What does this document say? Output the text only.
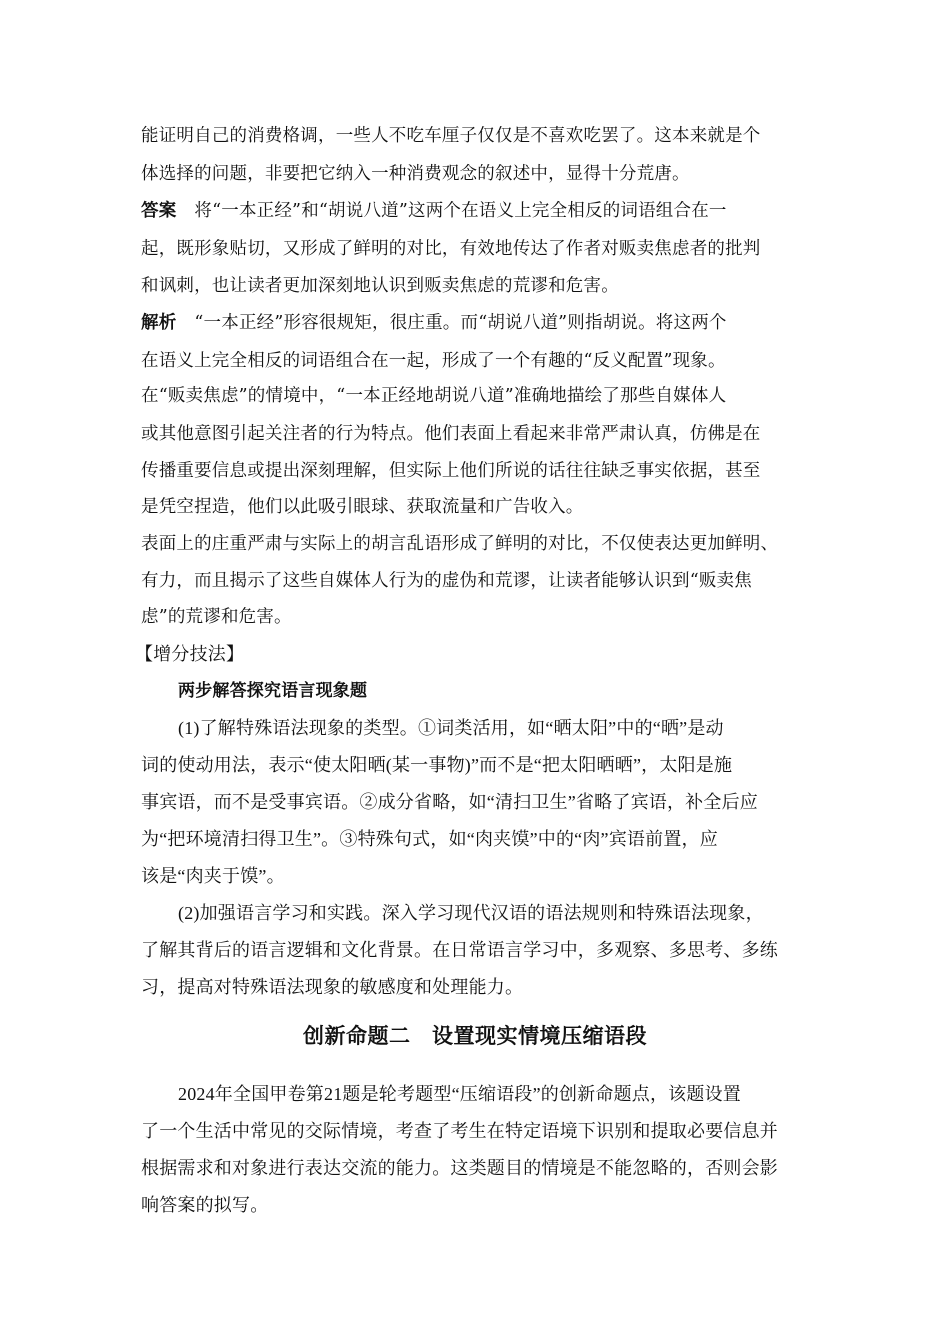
能证明自己的消费格调，一些人不吃车厘子仅仅是不喜欢吃罢了。这本来就是个
体选择的问题，非要把它纳入一种消费观念的叙述中，显得十分荒唐。
答案 将“一本正经”和“胡说八道”这两个在语义上完全相反的词语组合在一
起，既形象贴切，又形成了鲜明的对比，有效地传达了作者对贩卖焦虑者的批判
和讽刺，也让读者更加深刻地认识到贩卖焦虑的荒谬和危害。
解析 “一本正经”形容很规矩，很庄重。而“胡说八道”则指胡说。将这两个
在语义上完全相反的词语组合在一起，形成了一个有趣的“反义配置”现象。
在“贩卖焦虑”的情境中，“一本正经地胡说八道”准确地描绘了那些自媒体人
或其他意图引起关注者的行为特点。他们表面上看起来非常严肃认真，仿佛是在
传播重要信息或提出深刻理解，但实际上他们所说的话往往缺乏事实依据，甚至
是凭空捏造，他们以此吸引眼球、获取流量和广告收入。
表面上的庄重严肃与实际上的胡言乱语形成了鲜明的对比，不仅使表达更加鲜明、
有力，而且揭示了这些自媒体人行为的虚伪和荒谬，让读者能够认识到“贩卖焦
虑”的荒谬和危害。
【增分技法】
两步解答探究语言现象题
(1)了解特殊语法现象的类型。①词类活用，如“晒太阳”中的“晒”是动
词的使动用法，表示“使太阳晒(某一事物)”而不是“把太阳晒晒”，太阳是施
事宾语，而不是受事宾语。②成分省略，如“清扫卫生”省略了宾语，补全后应
为“把环境清扫得卫生”。③特殊句式，如“肉夹馍”中的“肉”宾语前置，应
该是“肉夹于馍”。
(2)加强语言学习和实践。深入学习现代汉语的语法规则和特殊语法现象，
了解其背后的语言逻辑和文化背景。在日常语言学习中，多观察、多思考、多练
习，提高对特殊语法现象的敏感度和处理能力。
创新命题二　设置现实情境压缩语段
2024年全国甲卷第21题是轮考题型“压缩语段”的创新命题点，该题设置
了一个生活中常见的交际情境，考查了考生在特定语境下识别和提取必要信息并
根据需求和对象进行表达交流的能力。这类题目的情境是不能忽略的，否则会影
响答案的拟写。
